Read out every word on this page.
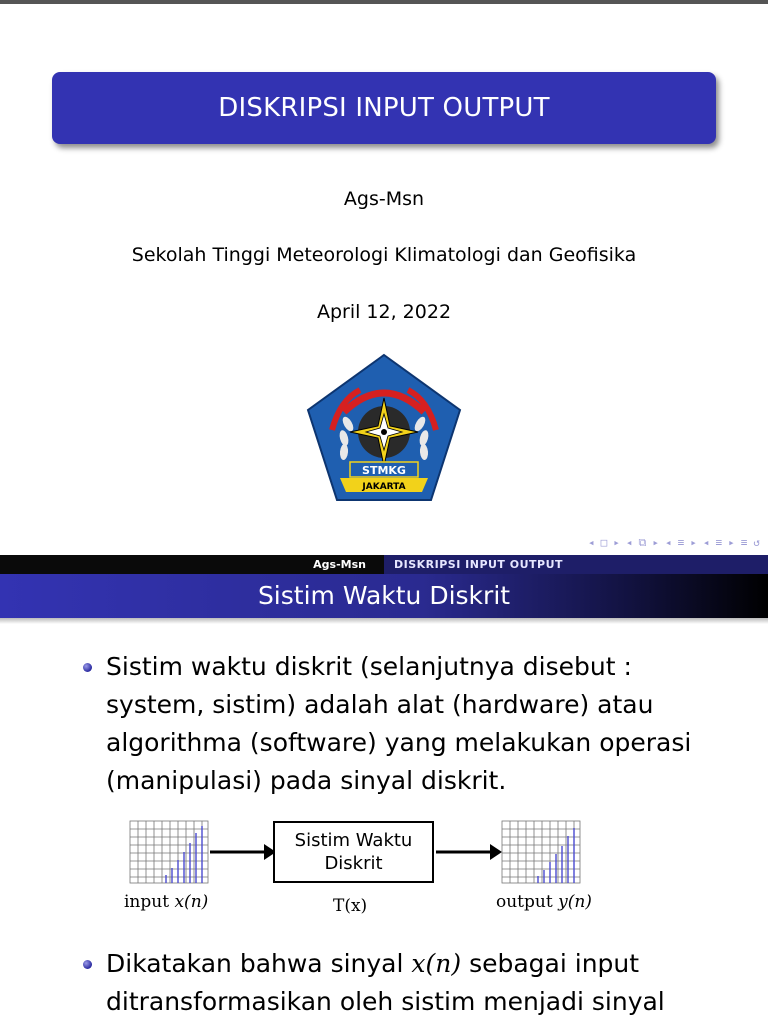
DISKRIPSI INPUT OUTPUT
Ags-Msn
Sekolah Tinggi Meteorologi Klimatologi dan Geofisika
April 12, 2022
STMKG
JAKARTA
◂ □ ▸ ◂ ⧉ ▸ ◂ ≡ ▸ ◂ ≡ ▸ ≡ ↺
Ags-Msn	DISKRIPSI INPUT OUTPUT
Sistim Waktu Diskrit
Sistim waktu diskrit (selanjutnya disebut : system, sistim) adalah alat (hardware) atau algorithma (software) yang melakukan operasi (manipulasi) pada sinyal diskrit.
Sistim Waktu
Diskrit
input x(n)	T(x)	output y(n)
Dikatakan bahwa sinyal x(n) sebagai input ditransformasikan oleh sistim menjadi sinyal
